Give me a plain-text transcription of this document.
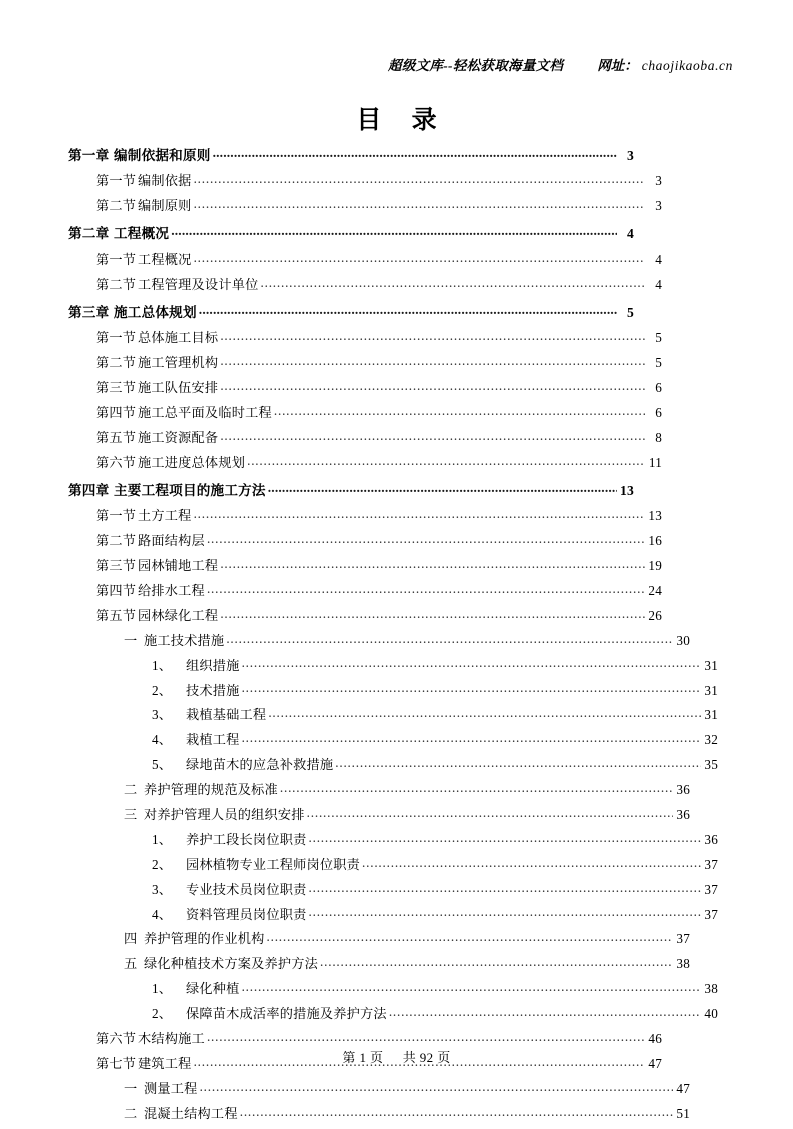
超级文库--轻松获取海量文档	网址： chaojikaoba.cn
目 录
第一章 编制依据和原则 .....	3
第一节 编制依据 .....	3
第二节 编制原则 .....	3
第二章 工程概况 .....	4
第一节 工程概况 .....	4
第二节 工程管理及设计单位 .....	4
第三章 施工总体规划 .....	5
第一节 总体施工目标 .....	5
第二节 施工管理机构 .....	5
第三节 施工队伍安排 .....	6
第四节 施工总平面及临时工程 .....	6
第五节 施工资源配备 .....	8
第六节 施工进度总体规划 .....	11
第四章 主要工程项目的施工方法 .....	13
第一节 土方工程 .....	13
第二节 路面结构层 .....	16
第三节 园林铺地工程 .....	19
第四节 给排水工程 .....	24
第五节 园林绿化工程 .....	26
一 施工技术措施 .....	30
1、 组织措施 .....	31
2、 技术措施 .....	31
3、 栽植基础工程 .....	31
4、 栽植工程 .....	32
5、 绿地苗木的应急补救措施 .....	35
二 养护管理的规范及标准 .....	36
三 对养护管理人员的组织安排 .....	36
1、 养护工段长岗位职责 .....	36
2、 园林植物专业工程师岗位职责 .....	37
3、 专业技术员岗位职责 .....	37
4、 资料管理员岗位职责 .....	37
四 养护管理的作业机构 .....	37
五 绿化种植技术方案及养护方法 .....	38
1、 绿化种植 .....	38
2、 保障苗木成活率的措施及养护方法 .....	40
第六节 木结构施工 .....	46
第七节 建筑工程 .....	47
一 测量工程 .....	47
二 混凝土结构工程 .....	51
第 1 页 共 92 页
